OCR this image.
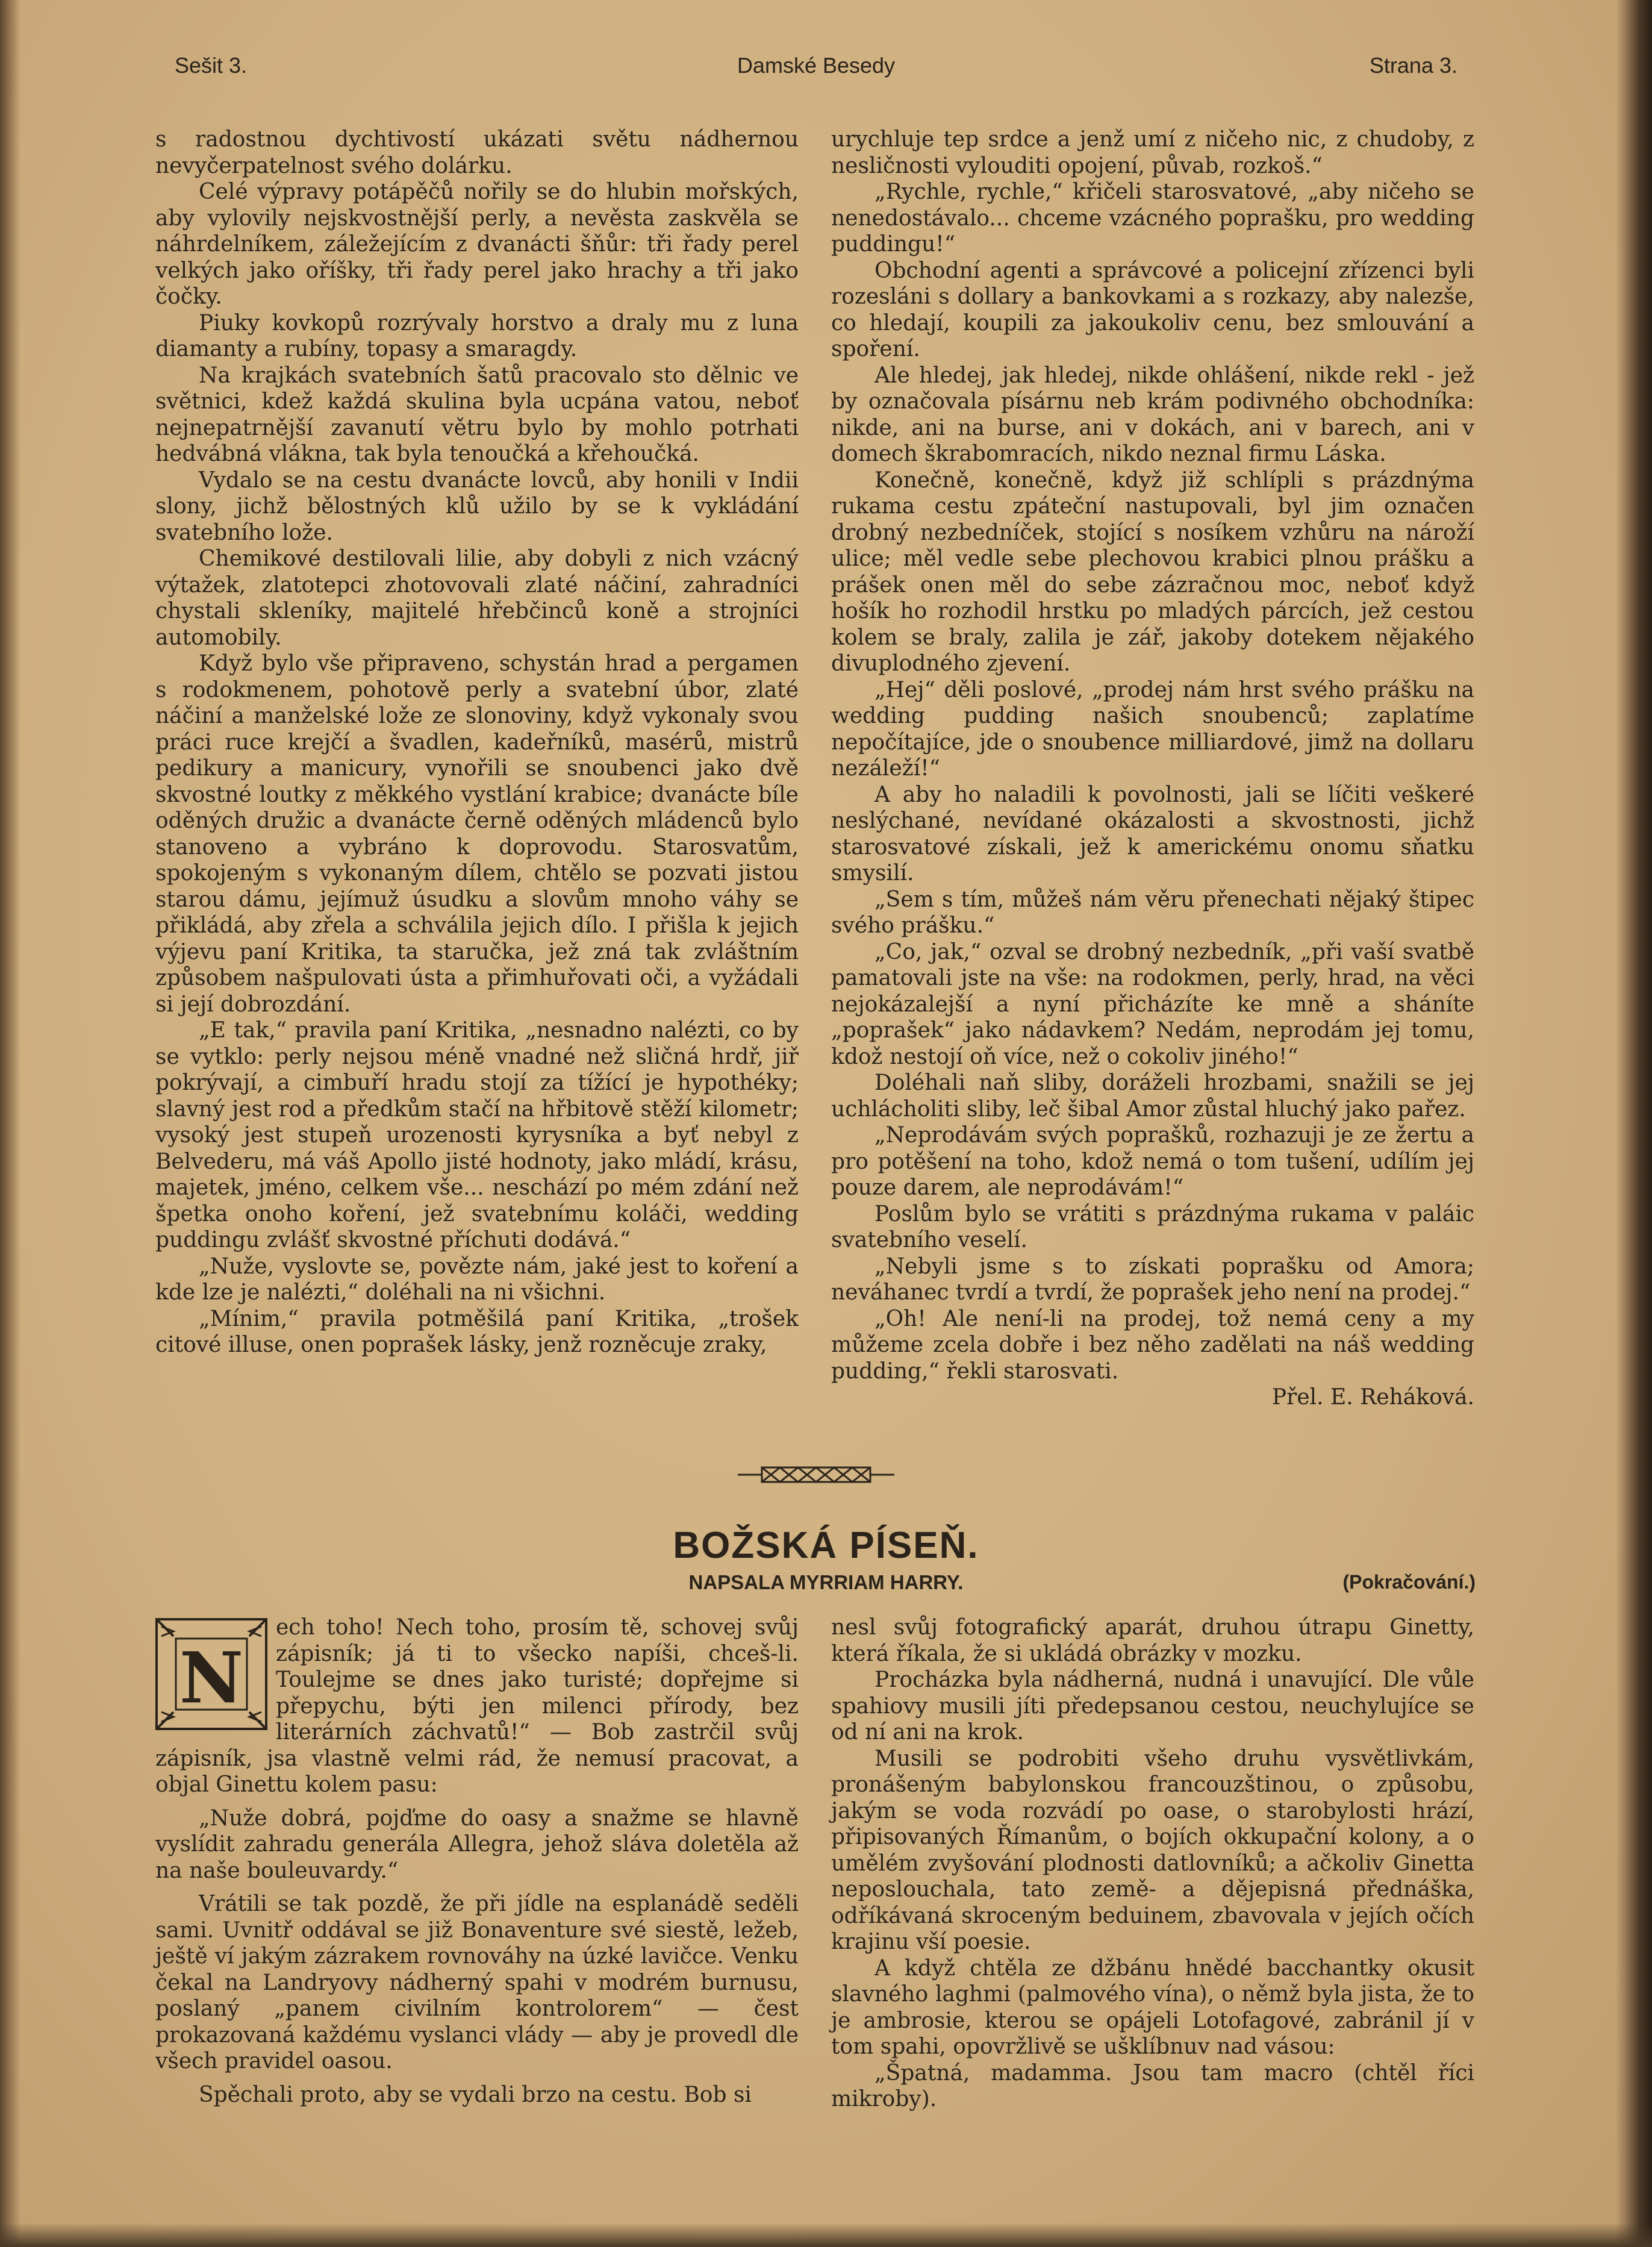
Sešit 3.	Damské Besedy	Strana 3.

s radostnou dychtivostí ukázati světu nádhernou nevyčerpatelnost svého dolárku.

Celé výpravy potápěčů nořily se do hlubin mořských, aby vylovily nejskvostnější perly, a nevěsta zaskvěla se náhrdelníkem, záležejícím z dvanácti šňůr: tři řady perel velkých jako oříšky, tři řady perel jako hrachy a tři jako čočky.

Piuky kovkopů rozrývaly horstvo a draly mu z luna diamanty a rubíny, topasy a smaragdy.

Na krajkách svatebních šatů pracovalo sto dělnic ve světnici, kdež každá skulina byla ucpána vatou, neboť nejnepatrnější zavanutí větru bylo by mohlo potrhati hedvábná vlákna, tak byla tenoučká a křehoučká.

Vydalo se na cestu dvanácte lovců, aby honili v Indii slony, jichž bělostných klů užilo by se k vykládání svatebního lože.

Chemikové destilovali lilie, aby dobyli z nich vzácný výtažek, zlatotepci zhotovovali zlaté náčiní, zahradníci chystali skleníky, majitelé hřebčinců koně a strojníci automobily.

Když bylo vše připraveno, schystán hrad a pergamen s rodokmenem, pohotově perly a svatební úbor, zlaté náčiní a manželské lože ze slonoviny, když vykonaly svou práci ruce krejčí a švadlen, kadeřníků, masérů, mistrů pedikury a manicury, vynořili se snoubenci jako dvě skvostné loutky z měkkého vystlání krabice; dvanácte bíle oděných družic a dvanácte černě oděných mládenců bylo stanoveno a vybráno k doprovodu. Starosvatům, spokojeným s vykonaným dílem, chtělo se pozvati jistou starou dámu, jejímuž úsudku a slovům mnoho váhy se přikládá, aby zřela a schválila jejich dílo. I přišla k jejich výjevu paní Kritika, ta staručka, jež zná tak zvláštním způsobem našpulovati ústa a přimhuřovati oči, a vyžádali si její dobrozdání.

„E tak,“ pravila paní Kritika, „nesnadno nalézti, co by se vytklo: perly nejsou méně vnadné než sličná hrdř, jiř pokrývají, a cimbuří hradu stojí za tížící je hypothéky; slavný jest rod a předkům stačí na hřbitově stěží kilometr; vysoký jest stupeň urozenosti kyrysníka a byť nebyl z Belvederu, má váš Apollo jisté hodnoty, jako mládí, krásu, majetek, jméno, celkem vše... neschází po mém zdání než špetka onoho koření, jež svatebnímu koláči, wedding puddingu zvlášť skvostné příchuti dodává.“

„Nuže, vyslovte se, povězte nám, jaké jest to koření a kde lze je nalézti,“ doléhali na ni všichni.

„Mínim,“ pravila potměšilá paní Kritika, „trošek citové illuse, onen poprašek lásky, jenž rozněcuje zraky,

urychluje tep srdce a jenž umí z ničeho nic, z chudoby, z nesličnosti vylouditi opojení, půvab, rozkoš.“

„Rychle, rychle,“ křičeli starosvatové, „aby ničeho se nenedostávalo... chceme vzácného poprašku, pro wedding puddingu!“

Obchodní agenti a správcové a policejní zřízenci byli rozesláni s dollary a bankovkami a s rozkazy, aby nalezše, co hledají, koupili za jakoukoliv cenu, bez smlouvání a spoření.

Ale hledej, jak hledej, nikde ohlášení, nikde rekl - jež by označovala písárnu neb krám podivného obchodníka: nikde, ani na burse, ani v dokách, ani v barech, ani v domech škrabomracích, nikdo neznal firmu Láska.

Konečně, konečně, když již schlípli s prázdnýma rukama cestu zpáteční nastupovali, byl jim označen drobný nezbedníček, stojící s nosíkem vzhůru na nároží ulice; měl vedle sebe plechovou krabici plnou prášku a prášek onen měl do sebe zázračnou moc, neboť když hošík ho rozhodil hrstku po mladých párcích, jež cestou kolem se braly, zalila je zář, jakoby dotekem nějakého divuplodného zjevení.

„Hej“ děli poslové, „prodej nám hrst svého prášku na wedding pudding našich snoubenců; zaplatíme nepočítajíce, jde o snoubence milliardové, jimž na dollaru nezáleží!“

A aby ho naladili k povolnosti, jali se líčiti veškeré neslýchané, nevídané okázalosti a skvostnosti, jichž starosvatové získali, jež k americkému onomu sňatku smysilí.

„Sem s tím, můžeš nám věru přenechati nějaký štipec svého prášku.“

„Co, jak,“ ozval se drobný nezbedník, „při vaší svatbě pamatovali jste na vše: na rodokmen, perly, hrad, na věci nejokázalejší a nyní přicházíte ke mně a sháníte „poprašek“ jako nádavkem? Nedám, neprodám jej tomu, kdož nestojí oň více, než o cokoliv jiného!“

Doléhali naň sliby, doráželi hrozbami, snažili se jej uchlácholiti sliby, leč šibal Amor zůstal hluchý jako pařez.

„Neprodávám svých poprašků, rozhazuji je ze žertu a pro potěšení na toho, kdož nemá o tom tušení, udílím jej pouze darem, ale neprodávám!“

Poslům bylo se vrátiti s prázdnýma rukama v paláic svatebního veselí.

„Nebyli jsme s to získati poprašku od Amora; neváhanec tvrdí a tvrdí, že poprašek jeho není na prodej.“

„Oh! Ale není-li na prodej, tož nemá ceny a my můžeme zcela dobře i bez něho zadělati na náš wedding pudding,“ řekli starosvati.

Přel. E. Reháková.

BOŽSKÁ PÍSEŇ.
NAPSALA MYRRIAM HARRY.	(Pokračování.)
N

ech toho! Nech toho, prosím tě, schovej svůj zápisník; já ti to všecko napíši, chceš-li. Toulejme se dnes jako turisté; dopřejme si přepychu, býti jen milenci přírody, bez literárních záchvatů!“ — Bob zastrčil svůj zápisník, jsa vlastně velmi rád, že nemusí pracovat, a objal Ginettu kolem pasu:

„Nuže dobrá, pojďme do oasy a snažme se hlavně vyslídit zahradu generála Allegra, jehož sláva doletěla až na naše bouleuvardy.“

Vrátili se tak pozdě, že při jídle na esplanádě seděli sami. Uvnitř oddával se již Bonaventure své siestě, ležeb, ještě ví jakým zázrakem rovnováhy na úzké lavičce. Venku čekal na Landryovy nádherný spahi v modrém burnusu, poslaný „panem civilním kontrolorem“ — čest prokazovaná každému vyslanci vlády — aby je provedl dle všech pravidel oasou.

Spěchali proto, aby se vydali brzo na cestu. Bob si

nesl svůj fotografický aparát, druhou útrapu Ginetty, která říkala, že si ukládá obrázky v mozku.

Procházka byla nádherná, nudná i unavující. Dle vůle spahiovy musili jíti předepsanou cestou, neuchylujíce se od ní ani na krok.

Musili se podrobiti všeho druhu vysvětlivkám, pronášeným babylonskou francouzštinou, o způsobu, jakým se voda rozvádí po oase, o starobylosti hrází, připisovaných Římanům, o bojích okkupační kolony, a o umělém zvyšování plodnosti datlovníků; a ačkoliv Ginetta neposlouchala, tato země- a dějepisná přednáška, odříkávaná skroceným beduinem, zbavovala v jejích očích krajinu vší poesie.

A když chtěla ze džbánu hnědé bacchantky okusit slavného laghmi (palmového vína), o němž byla jista, že to je ambrosie, kterou se opájeli Lotofagové, zabránil jí v tom spahi, opovržlivě se ušklíbnuv nad vásou:

„Špatná, madamma. Jsou tam macro (chtěl říci mikroby).
